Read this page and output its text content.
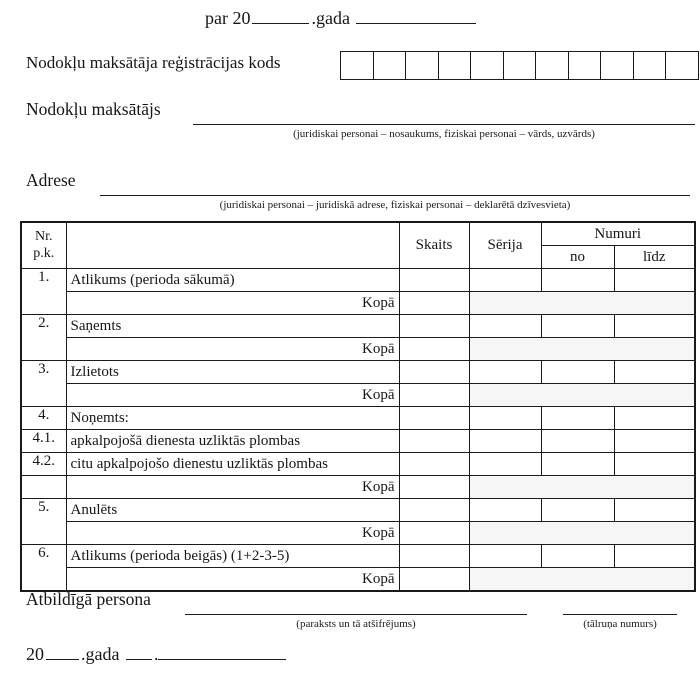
par 20	.gada
Nodokļu maksātāja reģistrācijas kods
Nodokļu maksātājs
(juridiskai personai – nosaukums, fiziskai personai – vārds, uzvārds)
Adrese
(juridiskai personai – juridiskā adrese, fiziskai personai – deklarētā dzīvesvieta)
Nr.
p.k.		Skaits	Sērija	Numuri	
				no	līdz
1.	Atlikums (perioda sākumā)				
	Kopā				
2.	Saņemts				
	Kopā				
3.	Izlietots				
	Kopā				
4.	Noņemts:				
4.1.	apkalpojošā dienesta uzliktās plombas				
4.2.	citu apkalpojošo dienestu uzliktās plombas				
	Kopā				
5.	Anulēts				
	Kopā				
6.	Atlikums (perioda beigās) (1+2-3-5)				
	Kopā				
Atbildīgā persona
(paraksts un tā atšifrējums)	(tālruņa numurs)
20 .gada .
